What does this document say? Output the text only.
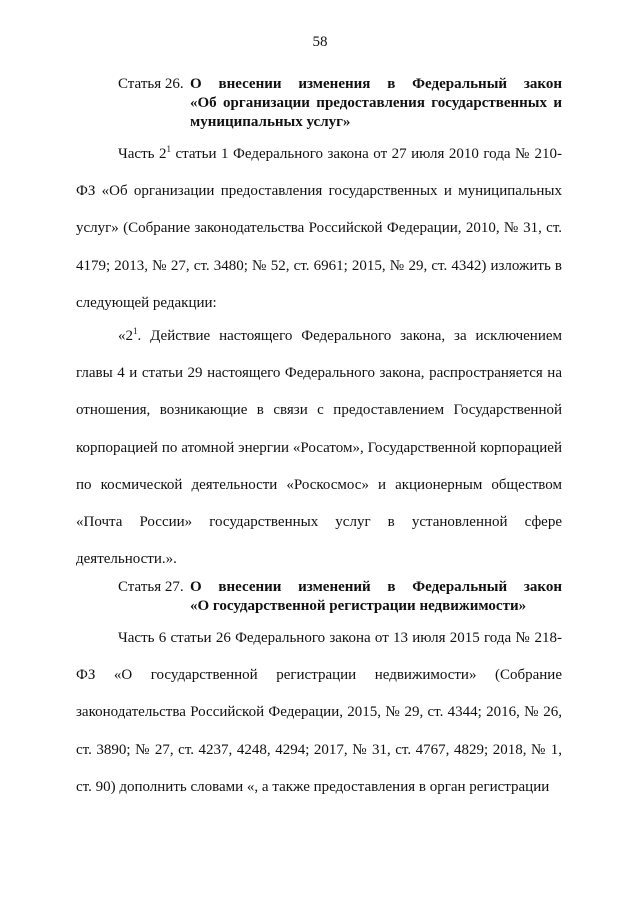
58
Статья 26. О внесении изменения в Федеральный закон
«Об организации предоставления государственных и муниципальных услуг»

Часть $2^1$ статьи 1 Федерального закона от 27 июля 2010 года № 210-ФЗ «Об организации предоставления государственных и муниципальных услуг» (Собрание законодательства Российской Федерации, 2010, № 31, ст. 4179; 2013, № 27, ст. 3480; № 52, ст. 6961; 2015, № 29, ст. 4342) изложить в следующей редакции:

«$2^1$. Действие настоящего Федерального закона, за исключением главы 4 и статьи 29 настоящего Федерального закона, распространяется на отношения, возникающие в связи с предоставлением Государственной корпорацией по атомной энергии «Росатом», Государственной корпорацией по космической деятельности «Роскосмос» и акционерным обществом «Почта России» государственных услуг в установленной сфере деятельности.».

Статья 27. О внесении изменений в Федеральный закон
«О государственной регистрации недвижимости»

Часть 6 статьи 26 Федерального закона от 13 июля 2015 года № 218-ФЗ «О государственной регистрации недвижимости» (Собрание законодательства Российской Федерации, 2015, № 29, ст. 4344; 2016, № 26, ст. 3890; № 27, ст. 4237, 4248, 4294; 2017, № 31, ст. 4767, 4829; 2018, № 1, ст. 90) дополнить словами «, а также предоставления в орган регистрации
